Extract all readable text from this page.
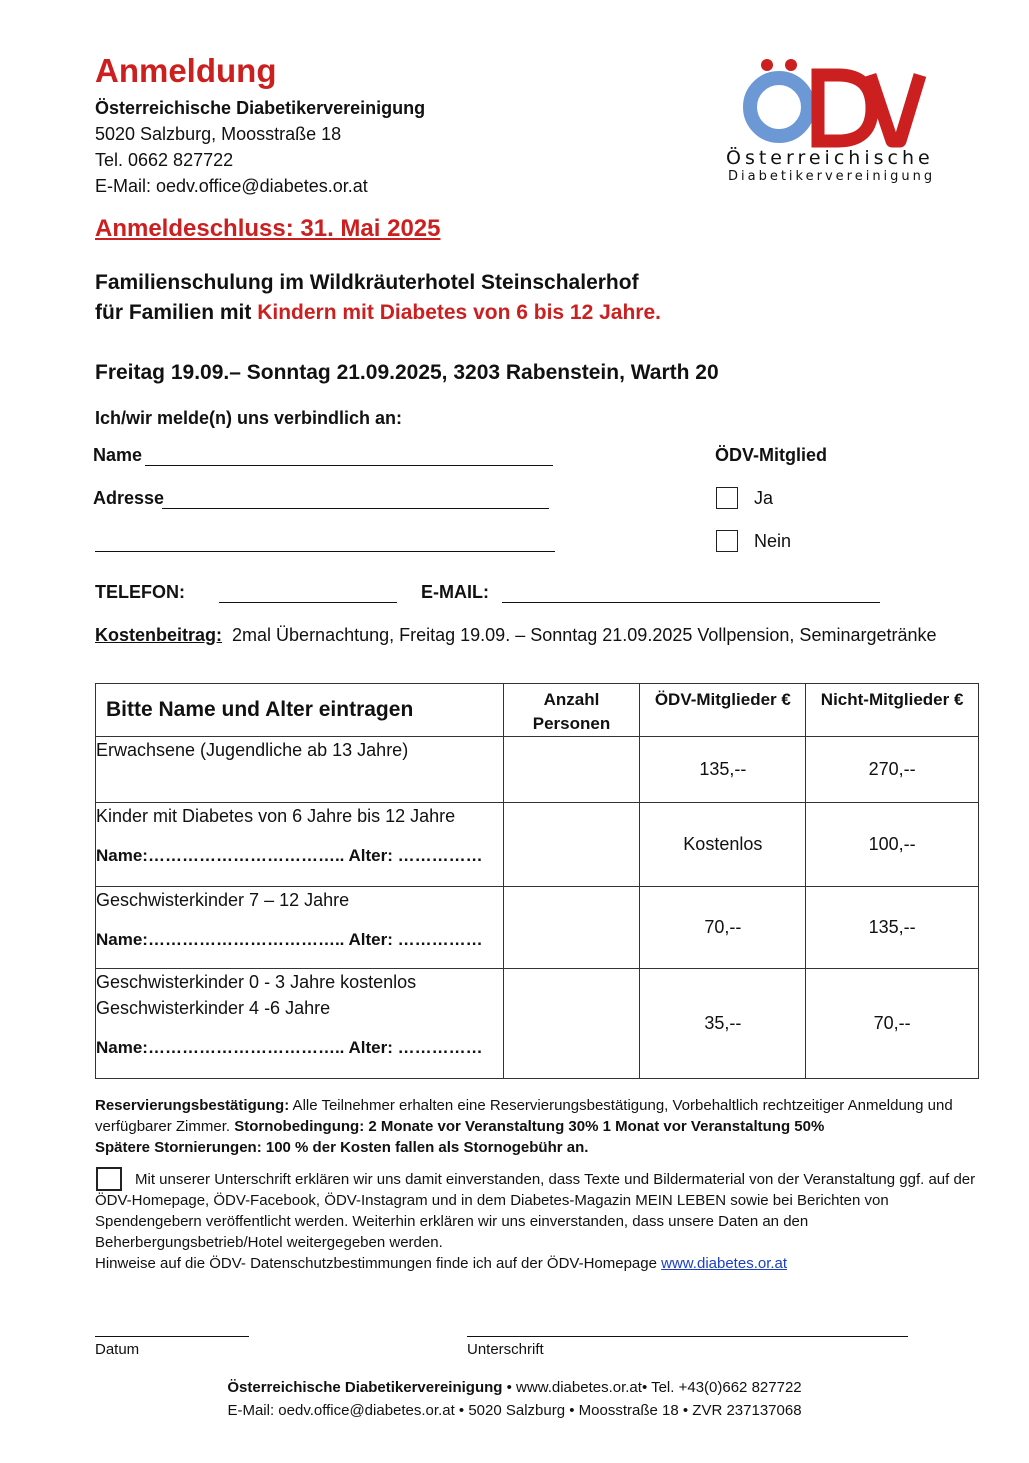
Anmeldung
Österreichische Diabetikervereinigung
5020 Salzburg, Moosstraße 18
Tel. 0662 827722
E-Mail: oedv.office@diabetes.or.at
Österreichische
Diabetikervereinigung
Anmeldeschluss: 31. Mai 2025
Familienschulung im Wildkräuterhotel Steinschalerhof
für Familien mit Kindern mit Diabetes von 6 bis 12 Jahre.
Freitag 19.09.– Sonntag 21.09.2025, 3203 Rabenstein, Warth 20
Ich/wir melde(n) uns verbindlich an:
Name
Adresse
ÖDV-Mitglied
Ja
Nein
TELEFON:	E-MAIL:
Kostenbeitrag: 2mal Übernachtung, Freitag 19.09. – Sonntag 21.09.2025 Vollpension, Seminargetränke
Bitte Name und Alter eintragen	Anzahl Personen	ÖDV-Mitglieder €	Nicht-Mitglieder €
Erwachsene (Jugendliche ab 13 Jahre)		135,--	270,--
Kinder mit Diabetes von 6 Jahre bis 12 Jahre
Name:…………………………….. Alter: ……………		Kostenlos	100,--
Geschwisterkinder 7 – 12 Jahre
Name:…………………………….. Alter: ……………		70,--	135,--
Geschwisterkinder 0 - 3 Jahre kostenlos
Geschwisterkinder 4 -6 Jahre
Name:…………………………….. Alter: ……………		35,--	70,--
Reservierungsbestätigung: Alle Teilnehmer erhalten eine Reservierungsbestätigung, Vorbehaltlich rechtzeitiger Anmeldung und verfügbarer Zimmer. Stornobedingung: 2 Monate vor Veranstaltung 30% 1 Monat vor Veranstaltung 50%
Spätere Stornierungen: 100 % der Kosten fallen als Stornogebühr an.
Mit unserer Unterschrift erklären wir uns damit einverstanden, dass Texte und Bildermaterial von der Veranstaltung ggf. auf der ÖDV-Homepage, ÖDV-Facebook, ÖDV-Instagram und in dem Diabetes-Magazin MEIN LEBEN sowie bei Berichten von Spendengebern veröffentlicht werden. Weiterhin erklären wir uns einverstanden, dass unsere Daten an den Beherbergungsbetrieb/Hotel weitergegeben werden.
Hinweise auf die ÖDV- Datenschutzbestimmungen finde ich auf der ÖDV-Homepage www.diabetes.or.at
Datum	Unterschrift
Österreichische Diabetikervereinigung • www.diabetes.or.at• Tel. +43(0)662 827722
E-Mail: oedv.office@diabetes.or.at • 5020 Salzburg • Moosstraße 18 • ZVR 237137068
